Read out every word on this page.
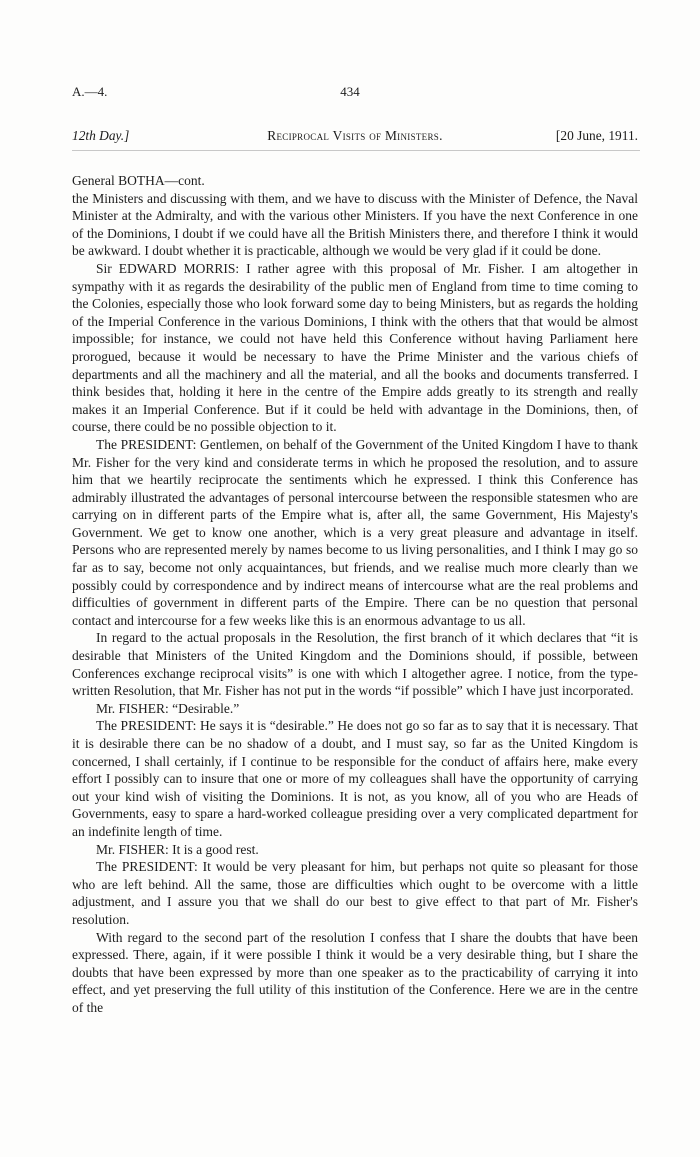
A.—4.	434
12th Day.]	Reciprocal Visits of Ministers.	[20 June, 1911.

General BOTHA—cont.

the Ministers and discussing with them, and we have to discuss with the Minister of Defence, the Naval Minister at the Admiralty, and with the various other Ministers. If you have the next Conference in one of the Dominions, I doubt if we could have all the British Ministers there, and therefore I think it would be awkward. I doubt whether it is practicable, although we would be very glad if it could be done.

Sir EDWARD MORRIS: I rather agree with this proposal of Mr. Fisher. I am altogether in sympathy with it as regards the desirability of the public men of England from time to time coming to the Colonies, especially those who look forward some day to being Ministers, but as regards the holding of the Imperial Conference in the various Dominions, I think with the others that that would be almost impossible; for instance, we could not have held this Conference without having Parliament here prorogued, because it would be necessary to have the Prime Minister and the various chiefs of departments and all the machinery and all the material, and all the books and documents transferred. I think besides that, holding it here in the centre of the Empire adds greatly to its strength and really makes it an Imperial Conference. But if it could be held with advantage in the Dominions, then, of course, there could be no possible objection to it.

The PRESIDENT: Gentlemen, on behalf of the Government of the United Kingdom I have to thank Mr. Fisher for the very kind and considerate terms in which he proposed the resolution, and to assure him that we heartily reciprocate the sentiments which he expressed. I think this Conference has admirably illustrated the advantages of personal intercourse between the responsible statesmen who are carrying on in different parts of the Empire what is, after all, the same Government, His Majesty's Government. We get to know one another, which is a very great pleasure and advantage in itself. Persons who are represented merely by names become to us living personalities, and I think I may go so far as to say, become not only acquaintances, but friends, and we realise much more clearly than we possibly could by correspondence and by indirect means of intercourse what are the real problems and difficulties of government in different parts of the Empire. There can be no question that personal contact and intercourse for a few weeks like this is an enormous advantage to us all.

In regard to the actual proposals in the Resolution, the first branch of it which declares that “it is desirable that Ministers of the United Kingdom and the Dominions should, if possible, between Conferences exchange reciprocal visits” is one with which I altogether agree. I notice, from the type-written Resolution, that Mr. Fisher has not put in the words “if possible” which I have just incorporated.

Mr. FISHER: “Desirable.”

The PRESIDENT: He says it is “desirable.” He does not go so far as to say that it is necessary. That it is desirable there can be no shadow of a doubt, and I must say, so far as the United Kingdom is concerned, I shall certainly, if I continue to be responsible for the conduct of affairs here, make every effort I possibly can to insure that one or more of my colleagues shall have the opportunity of carrying out your kind wish of visiting the Dominions. It is not, as you know, all of you who are Heads of Governments, easy to spare a hard-worked colleague presiding over a very complicated department for an indefinite length of time.

Mr. FISHER: It is a good rest.

The PRESIDENT: It would be very pleasant for him, but perhaps not quite so pleasant for those who are left behind. All the same, those are difficulties which ought to be overcome with a little adjustment, and I assure you that we shall do our best to give effect to that part of Mr. Fisher's resolution.

With regard to the second part of the resolution I confess that I share the doubts that have been expressed. There, again, if it were possible I think it would be a very desirable thing, but I share the doubts that have been expressed by more than one speaker as to the practicability of carrying it into effect, and yet preserving the full utility of this institution of the Conference. Here we are in the centre of the
